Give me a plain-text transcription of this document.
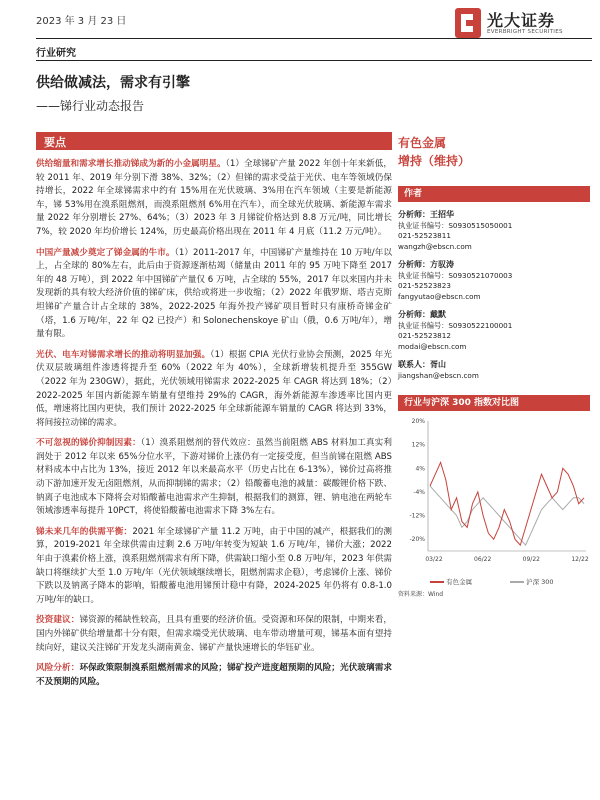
2023 年 3 月 23 日	光大证券
EVERBRIGHT SECURITIES
行业研究
供给做减法，需求有引擎
——锑行业动态报告
要点

供给缩量和需求增长推动锑成为新的小金属明星。（1）全球锑矿产量 2022 年创十年来新低，较 2011 年、2019 年分别下滑 38%、32%；（2）但锑的需求受益于光伏、电车等领域仍保持增长，2022 年全球锑需求中约有 15%用在光伏玻璃、3%用在汽车领域（主要是新能源车，锑 53%用在溴系阻燃剂，而溴系阻燃剂 6%用在汽车），而全球光伏玻璃、新能源车需求量 2022 年分别增长 27%、64%；（3）2023 年 3 月锑锭价格达到 8.8 万元/吨，同比增长 7%，较 2020 年均价增长 124%，历史最高价格出现在 2011 年 4 月底（11.2 万元/吨）。

中国产量减少奠定了锑金属的牛市。（1）2011-2017 年，中国锑矿产量维持在 10 万吨/年以上，占全球的 80%左右，此后由于资源逐渐枯竭（储量由 2011 年的 95 万吨下降至 2017 年的 48 万吨），到 2022 年中国锑矿产量仅 6 万吨，占全球的 55%，2017 年以来国内并未发现新的具有较大经济价值的锑矿床，供给或将进一步收缩；（2）2022 年俄罗斯、塔吉克斯坦锑矿产量合计占全球的 38%，2022-2025 年海外投产锑矿项目暂时只有康桥奇锑金矿（塔，1.6 万吨/年，22 年 Q2 已投产）和 Solonechenskoye 矿山（俄，0.6 万吨/年），增量有限。

光伏、电车对锑需求增长的推动将明显加强。（1）根据 CPIA 光伏行业协会预测，2025 年光伏双层玻璃组件渗透将提升至 60%（2022 年为 40%），全球新增装机提升至 355GW（2022 年为 230GW），据此，光伏领域用锑需求 2022-2025 年 CAGR 将达到 18%；（2）2022-2025 年国内新能源车销量有望维持 29%的 CAGR，海外新能源车渗透率比国内更低，增速将比国内更快，我们预计 2022-2025 年全球新能源车销量的 CAGR 将达到 33%，将间接拉动锑的需求。

不可忽视的锑价抑制因素：（1）溴系阻燃剂的替代效应：虽然当前阻燃 ABS 材料加工真实利润处于 2012 年以来 65%分位水平，下游对锑价上涨仍有一定接受度，但当前锑在阻燃 ABS 材料成本中占比为 13%，接近 2012 年以来最高水平（历史占比在 6-13%），锑价过高将推动下游加速开发无卤阻燃剂，从而抑制锑的需求；（2）铅酸蓄电池的减量：碳酸锂价格下跌、钠离子电池成本下降将会对铅酸蓄电池需求产生抑制，根据我们的测算，锂、钠电池在两轮车领域渗透率每提升 10PCT，将使铅酸蓄电池需求下降 3%左右。

锑未来几年的供需平衡：2021 年全球锑矿产量 11.2 万吨，由于中国的减产，根据我们的测算，2019-2021 年全球供需由过剩 2.6 万吨/年转变为短缺 1.6 万吨/年，锑价大涨；2022 年由于溴素价格上涨，溴系阻燃剂需求有所下降，供需缺口缩小至 0.8 万吨/年，2023 年供需缺口将继续扩大至 1.0 万吨/年（光伏领域继续增长，阻燃剂需求企稳），考虑锑价上涨、锑价下跌以及钠离子降本的影响，铅酸蓄电池用锑预计稳中有降，2024-2025 年仍将有 0.8-1.0 万吨/年的缺口。

投资建议：锑资源的稀缺性较高，且具有重要的经济价值。受资源和环保的限制，中期来看，国内外锑矿供给增量都十分有限，但需求端受光伏玻璃、电车带动增量可观，锑基本面有望持续向好，建议关注锑矿开发龙头湖南黄金、锑矿产量快速增长的华钰矿业。

风险分析：环保政策限制溴系阻燃剂需求的风险；锑矿投产进度超预期的风险；光伏玻璃需求不及预期的风险。

有色金属
增持（维持）
作者
分析师：王招华
执业证书编号：S0930515050001
021-52523811
wangzh@ebscn.com
分析师：方驭涛
执业证书编号：S0930521070003
021-52523823
fangyutao@ebscn.com
分析师：戴默
执业证书编号：S0930522100001
021-52523812
modai@ebscn.com
联系人：胥山
jiangshan@ebscn.com
行业与沪深 300 指数对比图
20%
12%
4%
-4%
-12%
-20%
03/22	06/22	09/22	12/22
有色金属	沪深 300
资料来源：Wind
